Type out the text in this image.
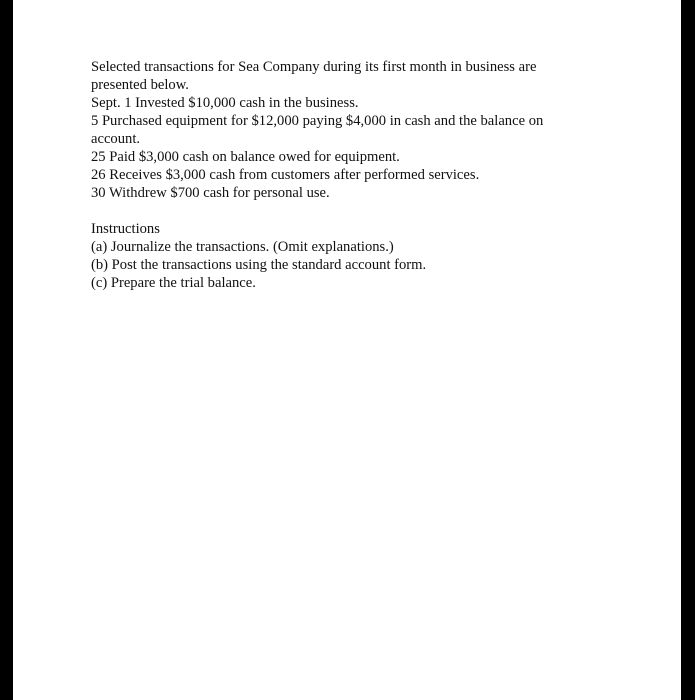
Selected transactions for Sea Company during its first month in business are presented below.

Sept. 1 Invested $10,000 cash in the business.

5 Purchased equipment for $12,000 paying $4,000 in cash and the balance on account.

25 Paid $3,000 cash on balance owed for equipment.

26 Receives $3,000 cash from customers after performed services.

30 Withdrew $700 cash for personal use.

Instructions

(a) Journalize the transactions. (Omit explanations.)

(b) Post the transactions using the standard account form.

(c) Prepare the trial balance.
